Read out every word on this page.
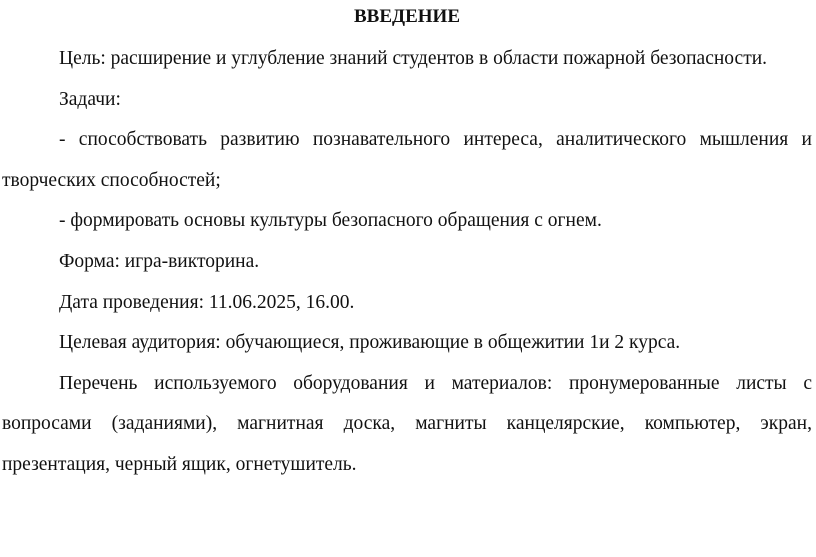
ВВЕДЕНИЕ

Цель: расширение и углубление знаний студентов в области пожарной безопасности.

Задачи:

- способствовать развитию познавательного интереса, аналитического мышления и творческих способностей;

- формировать основы культуры безопасного обращения с огнем.

Форма: игра-викторина.

Дата проведения: 11.06.2025, 16.00.

Целевая аудитория: обучающиеся, проживающие в общежитии 1и 2 курса.

Перечень используемого оборудования и материалов: пронумерованные листы с вопросами (заданиями), магнитная доска, магниты канцелярские, компьютер, экран, презентация, черный ящик, огнетушитель.
